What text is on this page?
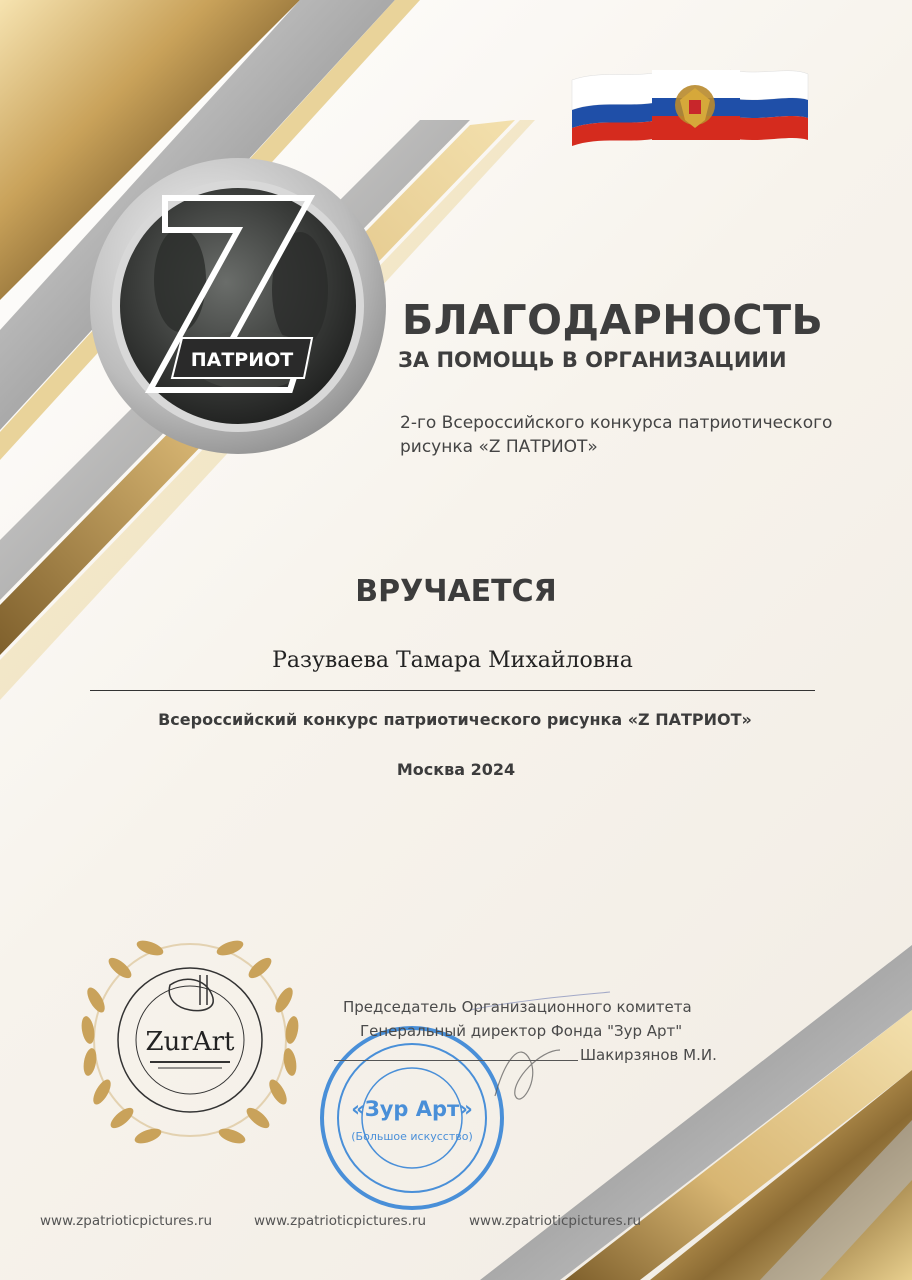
ПАТРИОТ
ZurArt
«Зур Арт»
(Большое искусство)
БЛАГОДАРНОСТЬ
ЗА ПОМОЩЬ В ОРГАНИЗАЦИИИ
2-го Всероссийского конкурса патриотического
рисунка «Z ПАТРИОТ»
ВРУЧАЕТСЯ
Разуваева Тамара Михайловна
Всероссийский конкурс патриотического рисунка «Z ПАТРИОТ»
Москва 2024
Председатель Организационного комитета
Генеральный директор Фонда "Зур Арт"
Шакирзянов М.И.
www.zpatrioticpictures.ru	www.zpatrioticpictures.ru	www.zpatrioticpictures.ru
